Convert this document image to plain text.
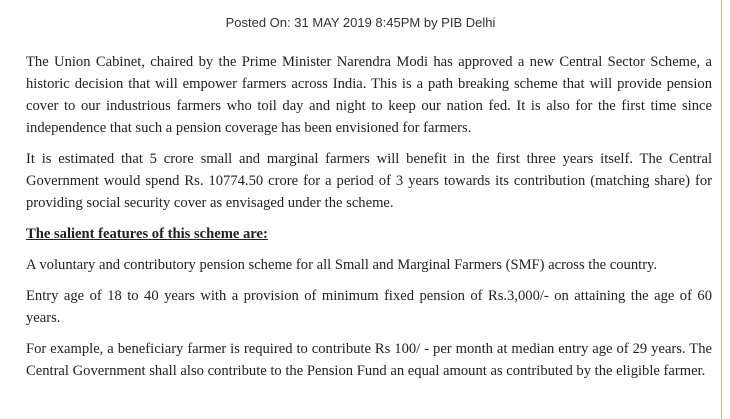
Posted On: 31 MAY 2019 8:45PM by PIB Delhi

The Union Cabinet, chaired by the Prime Minister Narendra Modi has approved a new Central Sector Scheme, a historic decision that will empower farmers across India. This is a path breaking scheme that will provide pension cover to our industrious farmers who toil day and night to keep our nation fed. It is also for the first time since independence that such a pension coverage has been envisioned for farmers.

It is estimated that 5 crore small and marginal farmers will benefit in the first three years itself. The Central Government would spend Rs. 10774.50 crore for a period of 3 years towards its contribution (matching share) for providing social security cover as envisaged under the scheme.

The salient features of this scheme are:

A voluntary and contributory pension scheme for all Small and Marginal Farmers (SMF) across the country.

Entry age of 18 to 40 years with a provision of minimum fixed pension of Rs.3,000/- on attaining the age of 60 years.

For example, a beneficiary farmer is required to contribute Rs 100/ - per month at median entry age of 29 years. The Central Government shall also contribute to the Pension Fund an equal amount as contributed by the eligible farmer.
